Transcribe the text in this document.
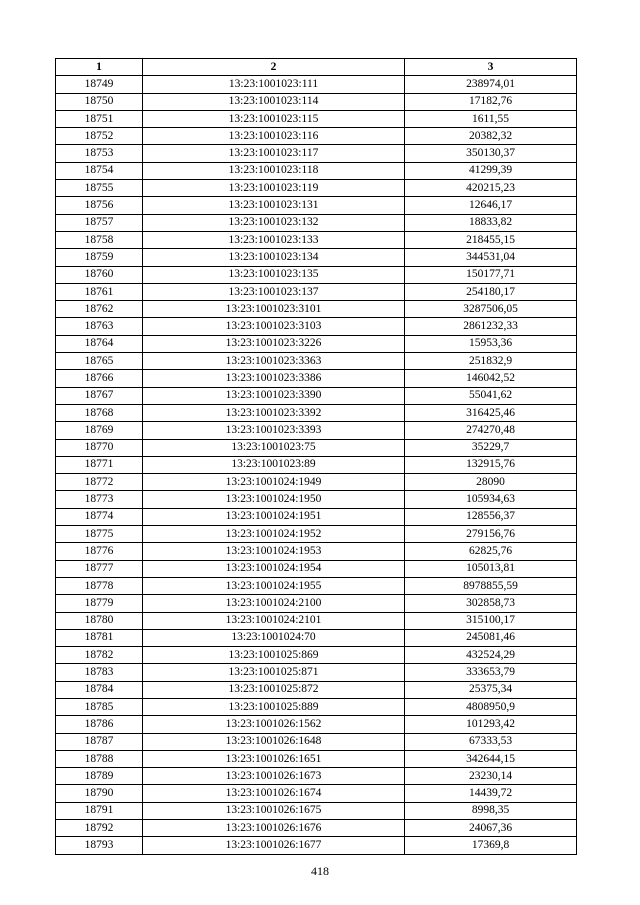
1	2	3
18749	13:23:1001023:111	238974,01
18750	13:23:1001023:114	17182,76
18751	13:23:1001023:115	1611,55
18752	13:23:1001023:116	20382,32
18753	13:23:1001023:117	350130,37
18754	13:23:1001023:118	41299,39
18755	13:23:1001023:119	420215,23
18756	13:23:1001023:131	12646,17
18757	13:23:1001023:132	18833,82
18758	13:23:1001023:133	218455,15
18759	13:23:1001023:134	344531,04
18760	13:23:1001023:135	150177,71
18761	13:23:1001023:137	254180,17
18762	13:23:1001023:3101	3287506,05
18763	13:23:1001023:3103	2861232,33
18764	13:23:1001023:3226	15953,36
18765	13:23:1001023:3363	251832,9
18766	13:23:1001023:3386	146042,52
18767	13:23:1001023:3390	55041,62
18768	13:23:1001023:3392	316425,46
18769	13:23:1001023:3393	274270,48
18770	13:23:1001023:75	35229,7
18771	13:23:1001023:89	132915,76
18772	13:23:1001024:1949	28090
18773	13:23:1001024:1950	105934,63
18774	13:23:1001024:1951	128556,37
18775	13:23:1001024:1952	279156,76
18776	13:23:1001024:1953	62825,76
18777	13:23:1001024:1954	105013,81
18778	13:23:1001024:1955	8978855,59
18779	13:23:1001024:2100	302858,73
18780	13:23:1001024:2101	315100,17
18781	13:23:1001024:70	245081,46
18782	13:23:1001025:869	432524,29
18783	13:23:1001025:871	333653,79
18784	13:23:1001025:872	25375,34
18785	13:23:1001025:889	4808950,9
18786	13:23:1001026:1562	101293,42
18787	13:23:1001026:1648	67333,53
18788	13:23:1001026:1651	342644,15
18789	13:23:1001026:1673	23230,14
18790	13:23:1001026:1674	14439,72
18791	13:23:1001026:1675	8998,35
18792	13:23:1001026:1676	24067,36
18793	13:23:1001026:1677	17369,8
418
